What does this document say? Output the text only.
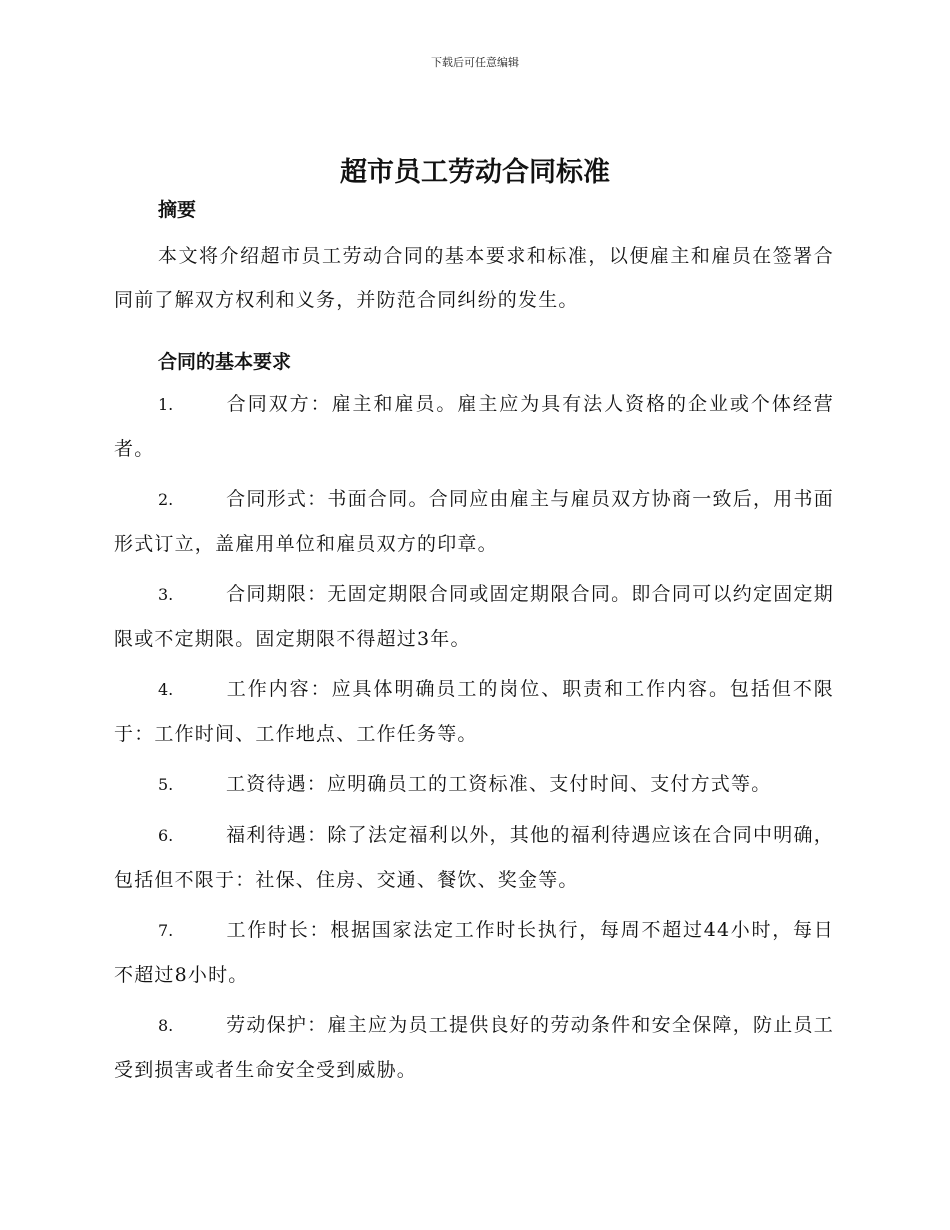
下载后可任意编辑
超市员工劳动合同标准
摘要
本文将介绍超市员工劳动合同的基本要求和标准，以便雇主和雇员在签署合同前了解双方权利和义务，并防范合同纠纷的发生。
合同的基本要求
1.	合同双方：雇主和雇员。雇主应为具有法人资格的企业或个体经营者。
2.	合同形式：书面合同。合同应由雇主与雇员双方协商一致后，用书面形式订立，盖雇用单位和雇员双方的印章。
3.	合同期限：无固定期限合同或固定期限合同。即合同可以约定固定期限或不定期限。固定期限不得超过3年。
4.	工作内容：应具体明确员工的岗位、职责和工作内容。包括但不限于：工作时间、工作地点、工作任务等。
5.	工资待遇：应明确员工的工资标准、支付时间、支付方式等。
6.	福利待遇：除了法定福利以外，其他的福利待遇应该在合同中明确，包括但不限于：社保、住房、交通、餐饮、奖金等。
7.	工作时长：根据国家法定工作时长执行，每周不超过44小时，每日不超过8小时。
8.	劳动保护：雇主应为员工提供良好的劳动条件和安全保障，防止员工受到损害或者生命安全受到威胁。
